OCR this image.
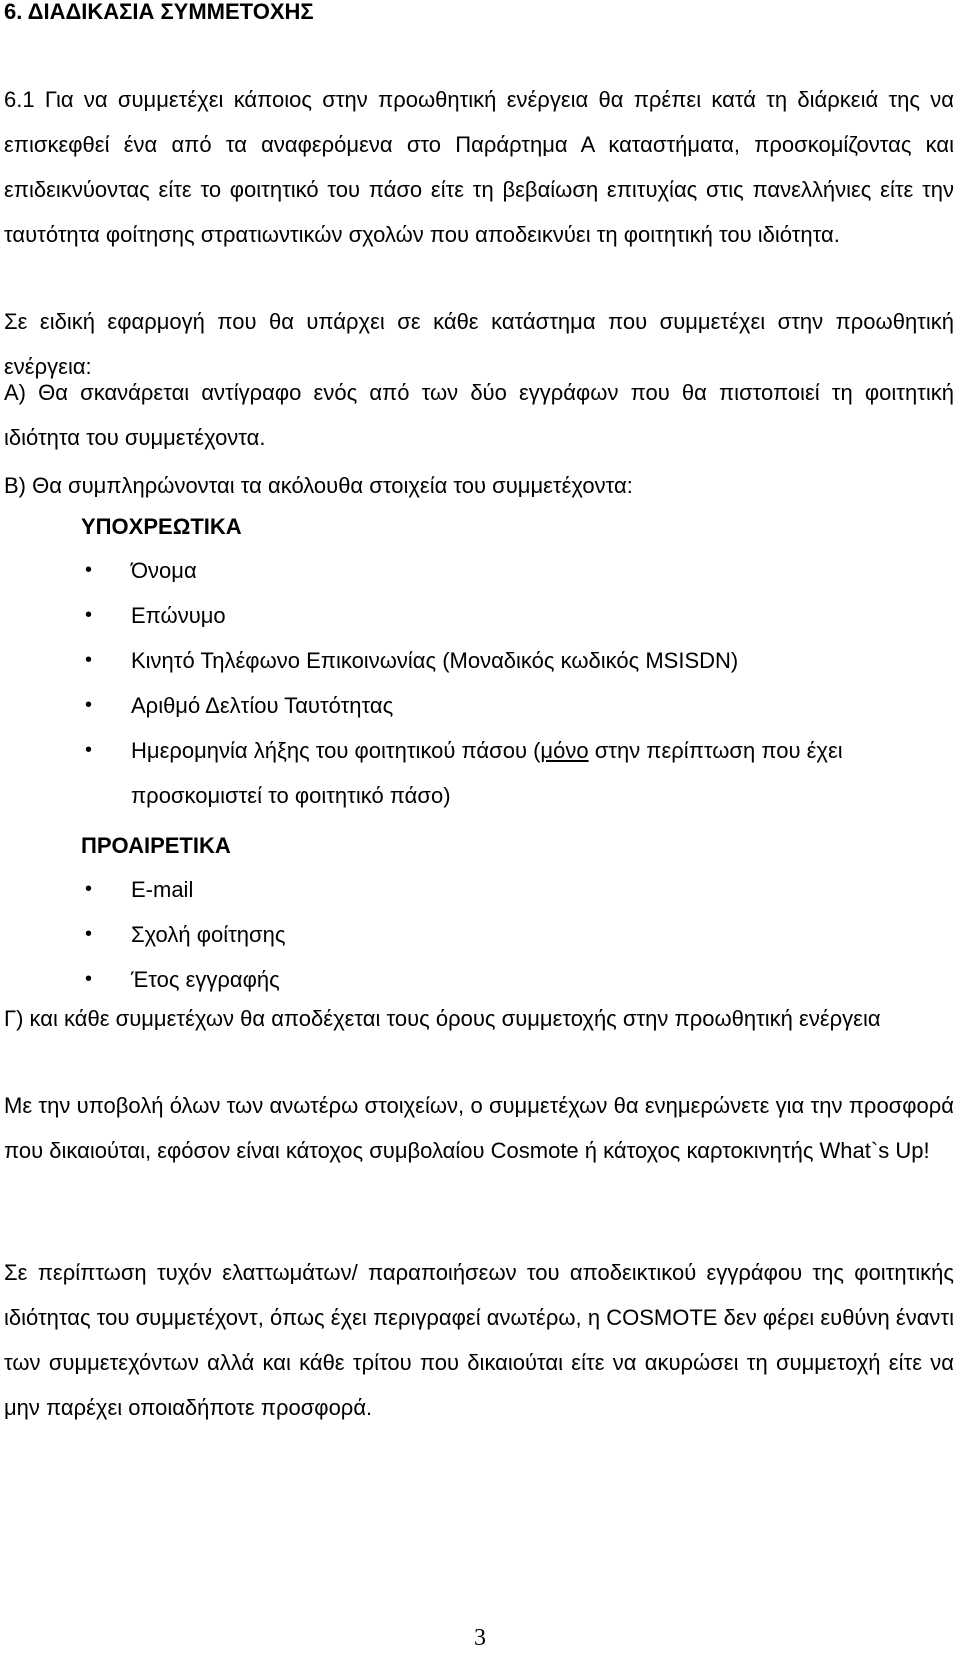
6. ΔΙΑΔΙΚΑΣΙΑ ΣΥΜΜΕΤΟΧΗΣ
6.1 Για να συμμετέχει κάποιος στην προωθητική ενέργεια θα πρέπει κατά τη διάρκειά της να επισκεφθεί ένα από τα αναφερόμενα στο Παράρτημα Α καταστήματα, προσκομίζοντας και επιδεικνύοντας είτε το φοιτητικό του πάσο είτε τη βεβαίωση επιτυχίας στις πανελλήνιες είτε την ταυτότητα φοίτησης στρατιωντικών σχολών που αποδεικνύει τη φοιτητική του ιδιότητα.
Σε ειδική εφαρμογή που θα υπάρχει σε κάθε κατάστημα που συμμετέχει στην προωθητική ενέργεια:
Α) Θα σκανάρεται αντίγραφο ενός από των δύο εγγράφων που θα πιστοποιεί τη φοιτητική ιδιότητα του συμμετέχοντα.
Β) Θα συμπληρώνονται τα ακόλουθα στοιχεία του συμμετέχοντα:
ΥΠΟΧΡΕΩΤΙΚΑ
• Όνομα
• Επώνυμο
• Κινητό Τηλέφωνο Επικοινωνίας (Μοναδικός κωδικός MSISDN)
• Αριθμό Δελτίου Ταυτότητας
• Ημερομηνία λήξης του φοιτητικού πάσου (μόνο στην περίπτωση που έχει προσκομιστεί το φοιτητικό πάσο)
ΠΡΟΑΙΡΕΤΙΚΑ
• E-mail
• Σχολή φοίτησης
• Έτος εγγραφής
Γ) και κάθε συμμετέχων θα αποδέχεται τους όρους συμμετοχής στην προωθητική ενέργεια
Με την υποβολή όλων των ανωτέρω στοιχείων, ο συμμετέχων θα ενημερώνετε για την προσφορά που δικαιούται, εφόσον είναι κάτοχος συμβολαίου Cosmote ή κάτοχος καρτοκινητής What`s Up!
Σε περίπτωση τυχόν ελαττωμάτων/ παραποιήσεων του αποδεικτικού εγγράφου της φοιτητικής ιδιότητας του συμμετέχοντ, όπως έχει περιγραφεί ανωτέρω, η COSMOTE δεν φέρει ευθύνη έναντι των συμμετεχόντων αλλά και κάθε τρίτου που δικαιούται είτε να ακυρώσει τη συμμετοχή είτε να μην παρέχει οποιαδήποτε προσφορά.
3
